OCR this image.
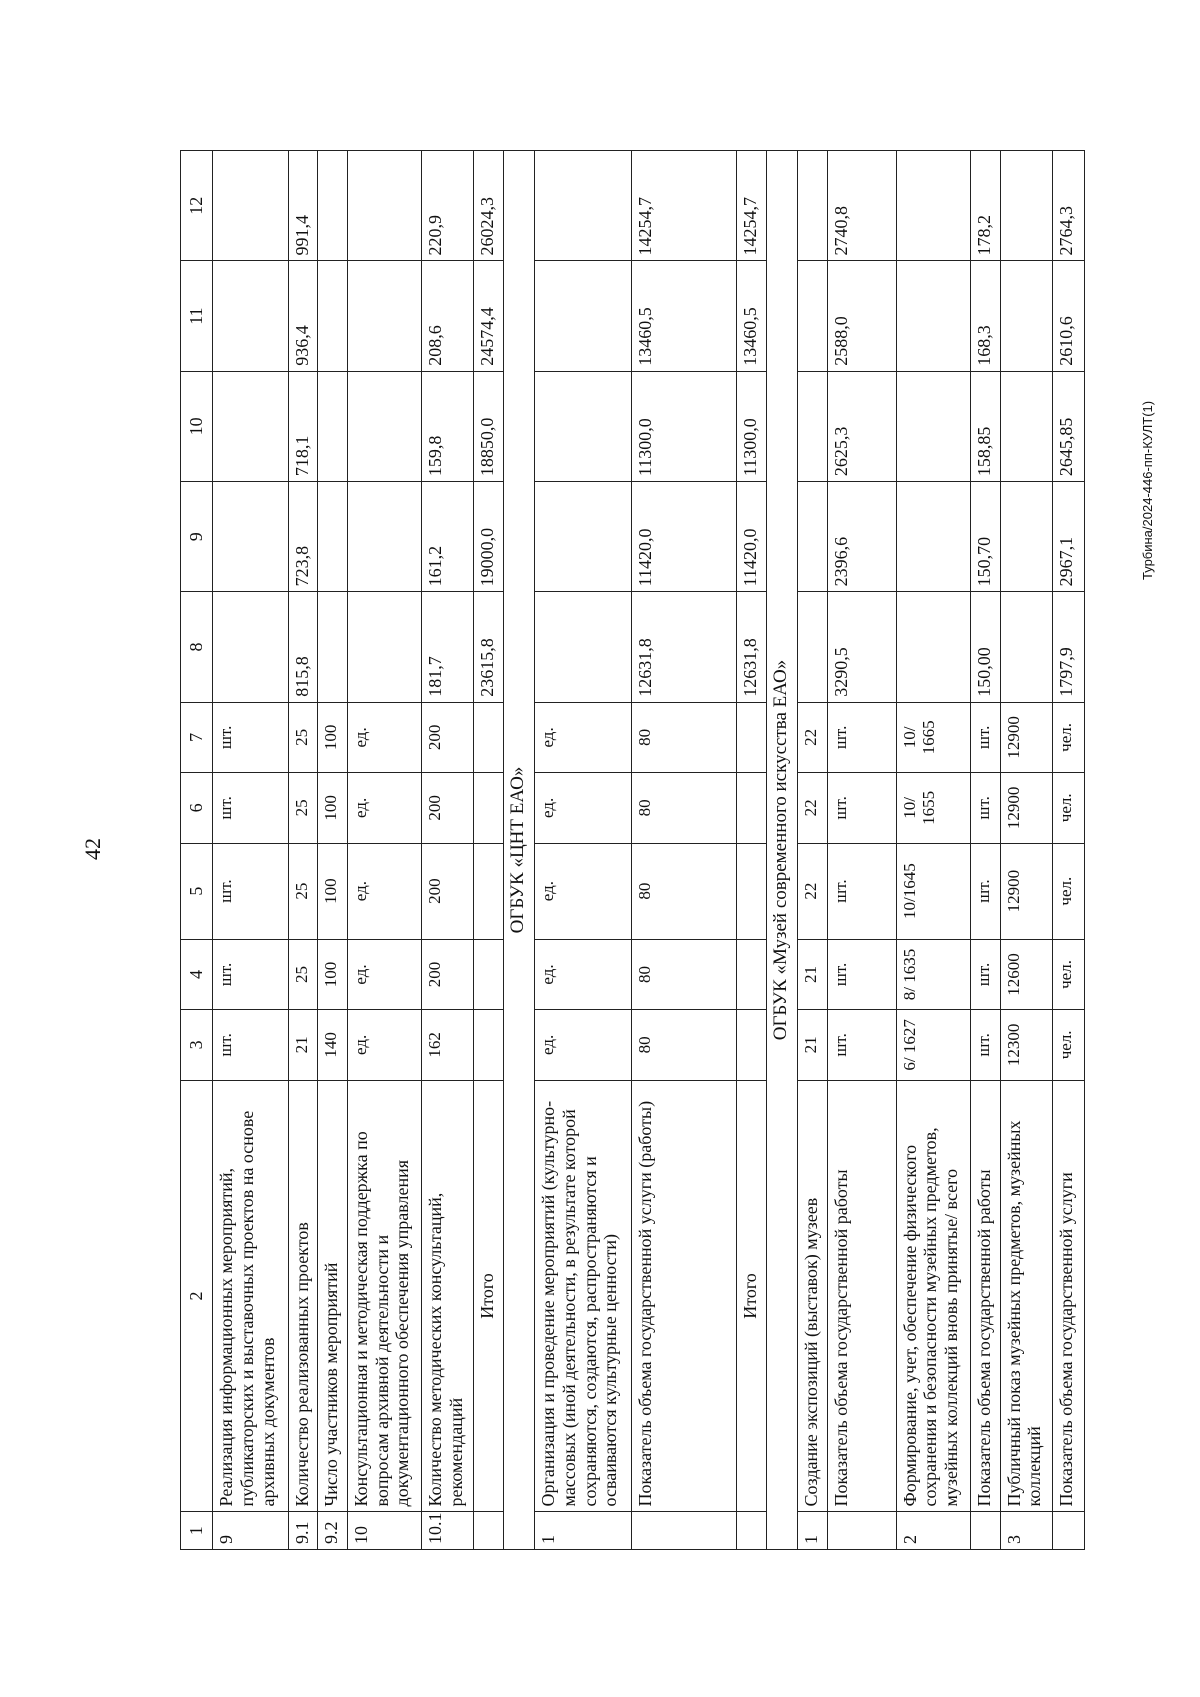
42
Турбина/2024-446-пп-КУЛТ(1)
1	2	3	4	5	6	7	8	9	10	11	12
9	Реализация информационных мероприятий, публикаторских и выставочных проектов на основе архивных документов	шт.	шт.	шт.	шт.	шт.					
9.1	Количество реализованных проектов	21	25	25	25	25	815,8	723,8	718,1	936,4	991,4
9.2	Число участников мероприятий	140	100	100	100	100					
10	Консультационная и методическая поддержка по вопросам архивной деятельности и документационного обеспечения управления	ед.	ед.	ед.	ед.	ед.					
10.1	Количество методических консультаций, рекомендаций	162	200	200	200	200	181,7	161,2	159,8	208,6	220,9
	Итого						23615,8	19000,0	18850,0	24574,4	26024,3
ОГБУК «ЦНТ ЕАО»											
1	Организация и проведение мероприятий (культурно-массовых (иной деятельности, в результате которой сохраняются, создаются, распространяются и осваиваются культурные ценности)	ед.	ед.	ед.	ед.	ед.					
	Показатель объема государственной услуги (работы)	80	80	80	80	80	12631,8	11420,0	11300,0	13460,5	14254,7
	Итого						12631,8	11420,0	11300,0	13460,5	14254,7
ОГБУК «Музей современного искусства ЕАО»											
1	Создание экспозиций (выставок) музеев	21	21	22	22	22					
	Показатель объема государственной работы	шт.	шт.	шт.	шт.	шт.	3290,5	2396,6	2625,3	2588,0	2740,8
2	Формирование, учет, обеспечение физического сохранения и безопасности музейных предметов, музейных коллекций вновь принятые/ всего	6/ 1627	8/ 1635	10/1645	10/ 1655	10/ 1665					
	Показатель объема государственной работы	шт.	шт.	шт.	шт.	шт.	150,00	150,70	158,85	168,3	178,2
3	Публичный показ музейных предметов, музейных коллекций	12300	12600	12900	12900	12900					
	Показатель объема государственной услуги	чел.	чел.	чел.	чел.	чел.	1797,9	2967,1	2645,85	2610,6	2764,3
